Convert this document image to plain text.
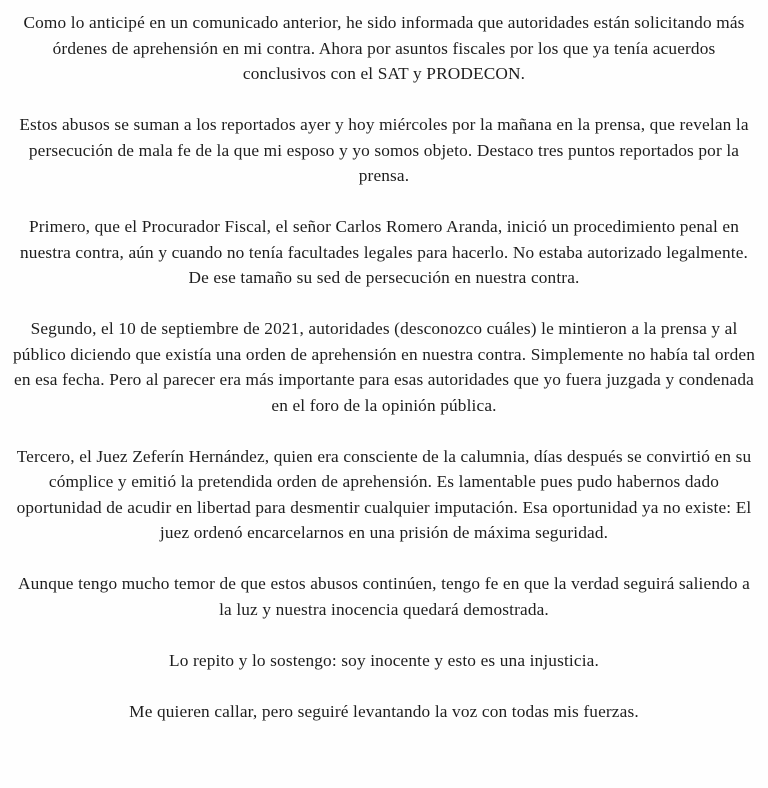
Como lo anticipé en un comunicado anterior, he sido informada que autoridades están solicitando más órdenes de aprehensión en mi contra. Ahora por asuntos fiscales por los que ya tenía acuerdos conclusivos con el SAT y PRODECON.

Estos abusos se suman a los reportados ayer y hoy miércoles por la mañana en la prensa, que revelan la persecución de mala fe de la que mi esposo y yo somos objeto. Destaco tres puntos reportados por la prensa.

Primero, que el Procurador Fiscal, el señor Carlos Romero Aranda, inició un procedimiento penal en nuestra contra, aún y cuando no tenía facultades legales para hacerlo. No estaba autorizado legalmente. De ese tamaño su sed de persecución en nuestra contra.

Segundo, el 10 de septiembre de 2021, autoridades (desconozco cuáles) le mintieron a la prensa y al público diciendo que existía una orden de aprehensión en nuestra contra. Simplemente no había tal orden en esa fecha. Pero al parecer era más importante para esas autoridades que yo fuera juzgada y condenada en el foro de la opinión pública.

Tercero, el Juez Zeferín Hernández, quien era consciente de la calumnia, días después se convirtió en su cómplice y emitió la pretendida orden de aprehensión. Es lamentable pues pudo habernos dado oportunidad de acudir en libertad para desmentir cualquier imputación. Esa oportunidad ya no existe: El juez ordenó encarcelarnos en una prisión de máxima seguridad.

Aunque tengo mucho temor de que estos abusos continúen, tengo fe en que la verdad seguirá saliendo a la luz y nuestra inocencia quedará demostrada.

Lo repito y lo sostengo: soy inocente y esto es una injusticia.

Me quieren callar, pero seguiré levantando la voz con todas mis fuerzas.
